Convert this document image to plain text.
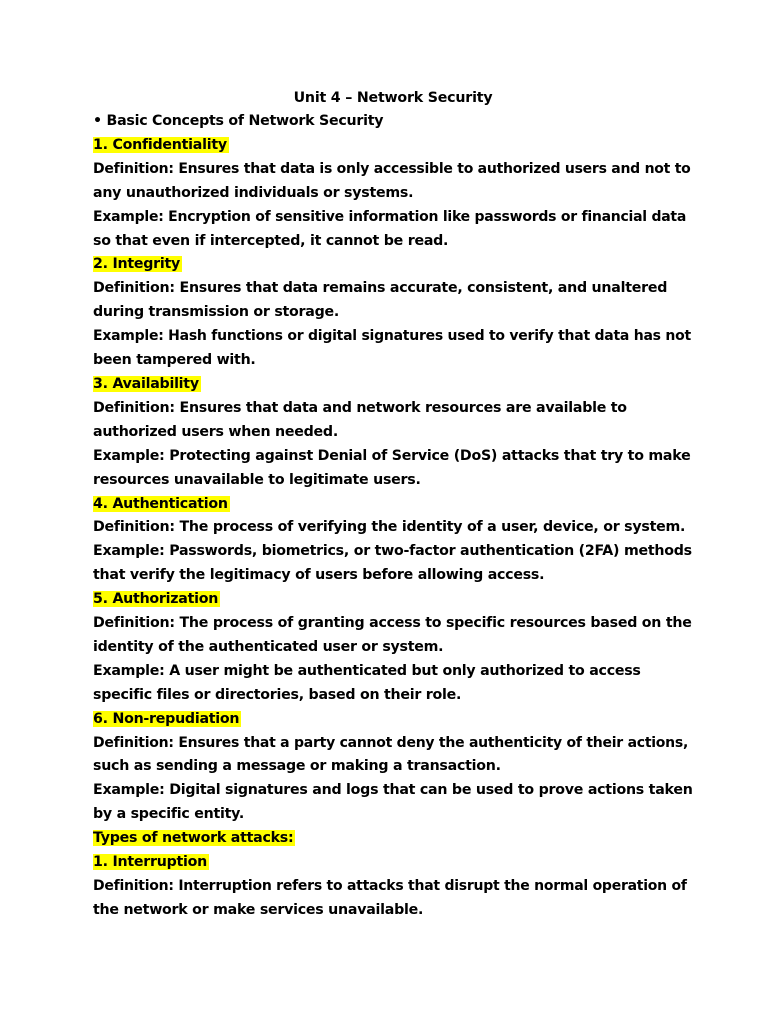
Unit 4 – Network Security

• Basic Concepts of Network Security

1. Confidentiality

Definition: Ensures that data is only accessible to authorized users and not to

any unauthorized individuals or systems.

Example: Encryption of sensitive information like passwords or financial data

so that even if intercepted, it cannot be read.

2. Integrity

Definition: Ensures that data remains accurate, consistent, and unaltered

during transmission or storage.

Example: Hash functions or digital signatures used to verify that data has not

been tampered with.

3. Availability

Definition: Ensures that data and network resources are available to

authorized users when needed.

Example: Protecting against Denial of Service (DoS) attacks that try to make

resources unavailable to legitimate users.

4. Authentication

Definition: The process of verifying the identity of a user, device, or system.

Example: Passwords, biometrics, or two-factor authentication (2FA) methods

that verify the legitimacy of users before allowing access.

5. Authorization

Definition: The process of granting access to specific resources based on the

identity of the authenticated user or system.

Example: A user might be authenticated but only authorized to access

specific files or directories, based on their role.

6. Non-repudiation

Definition: Ensures that a party cannot deny the authenticity of their actions,

such as sending a message or making a transaction.

Example: Digital signatures and logs that can be used to prove actions taken

by a specific entity.

Types of network attacks:

1. Interruption

Definition: Interruption refers to attacks that disrupt the normal operation of

the network or make services unavailable.
